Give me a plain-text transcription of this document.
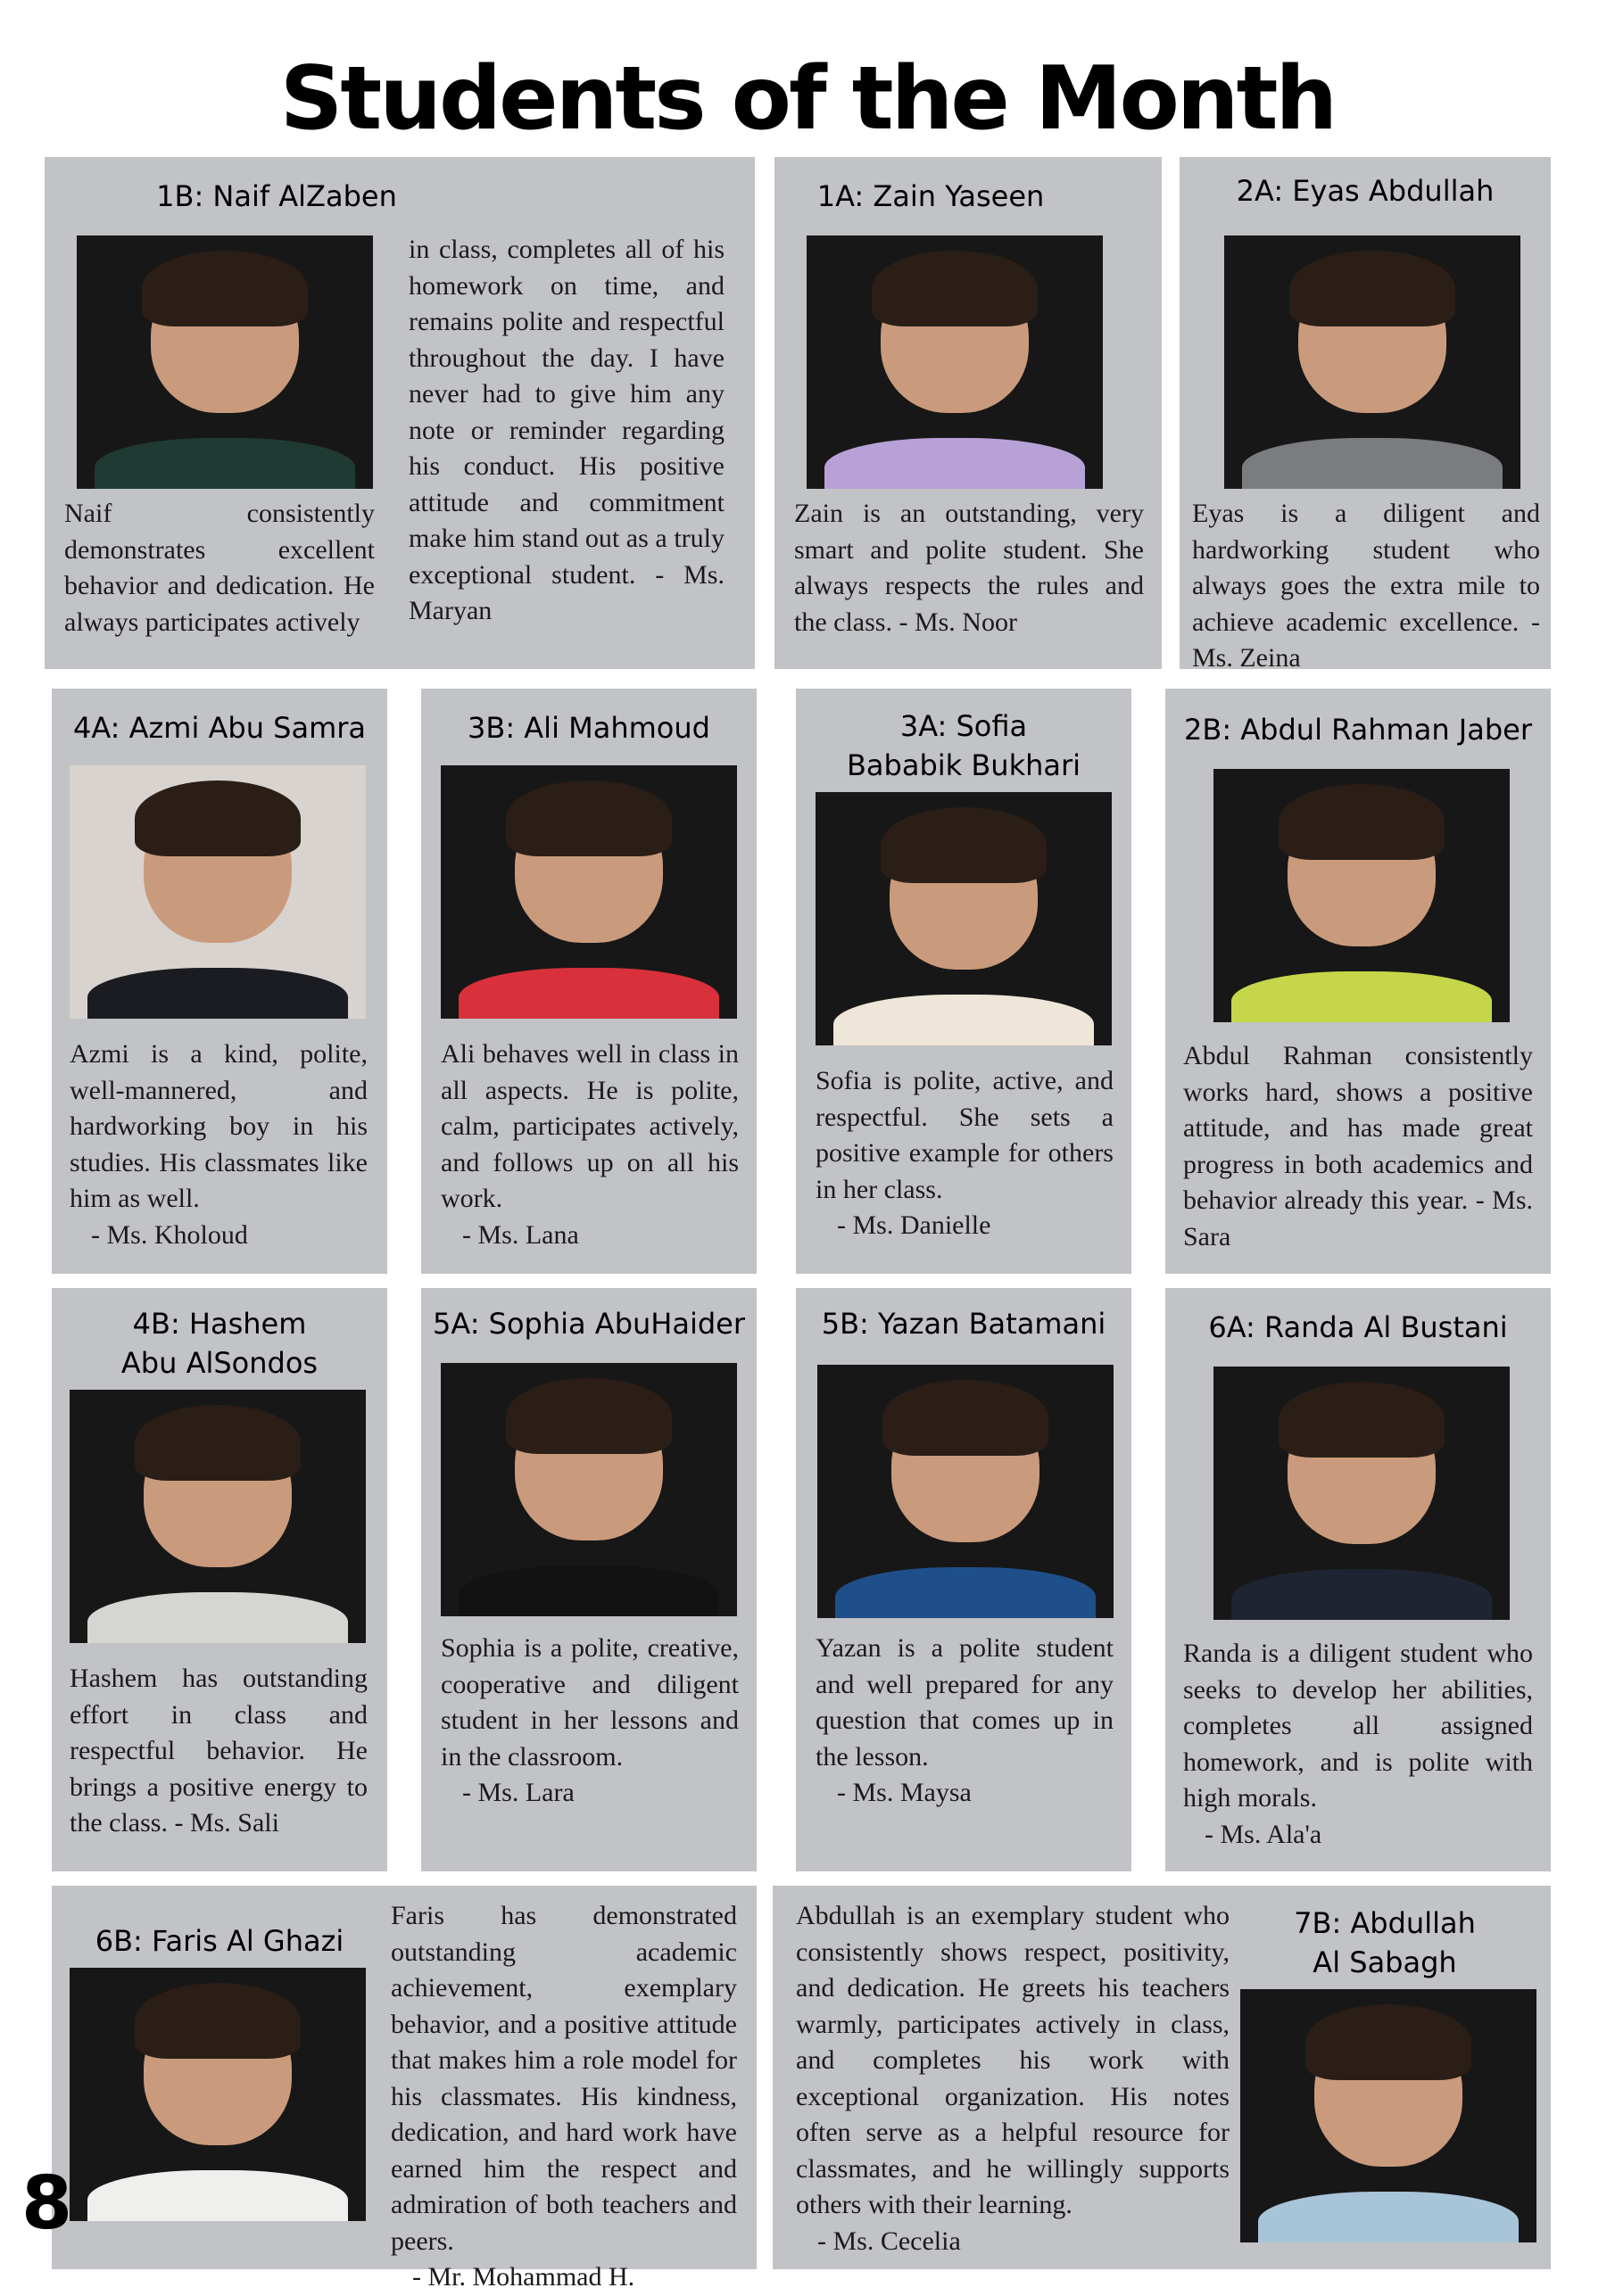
Students of the Month
1B: Naif AlZaben
Naif consistently demonstrates excellent behavior and dedication. He always participates actively
in class, completes all of his homework on time, and remains polite and respectful throughout the day. I have never had to give him any note or reminder regarding his conduct. His positive attitude and commitment make him stand out as a truly exceptional student. - Ms. Maryan
1A: Zain Yaseen
Zain is an outstanding, very smart and polite student. She always respects the rules and the class. - Ms. Noor
2A: Eyas Abdullah
Eyas is a diligent and hardworking student who always goes the extra mile to achieve academic excellence. - Ms. Zeina
4A: Azmi Abu Samra
Azmi is a kind, polite, well-mannered, and hardworking boy in his studies. His classmates like him as well.
- Ms. Kholoud
3B: Ali Mahmoud
Ali behaves well in class in all aspects. He is polite, calm, participates actively, and follows up on all his work.
- Ms. Lana
3A: Sofia
Bababik Bukhari
Sofia is polite, active, and respectful. She sets a positive example for others in her class.
- Ms. Danielle
2B: Abdul Rahman Jaber
Abdul Rahman consistently works hard, shows a positive attitude, and has made great progress in both academics and behavior already this year. - Ms. Sara
4B: Hashem
Abu AlSondos
Hashem has outstanding effort in class and respectful behavior. He brings a positive energy to the class. - Ms. Sali
5A: Sophia AbuHaider
Sophia is a polite, creative, cooperative and diligent student in her lessons and in the classroom.
- Ms. Lara
5B: Yazan Batamani
Yazan is a polite student and well prepared for any question that comes up in the lesson.
- Ms. Maysa
6A: Randa Al Bustani
Randa is a diligent student who seeks to develop her abilities, completes all assigned homework, and is polite with high morals.
- Ms. Ala'a
6B: Faris Al Ghazi
Faris has demonstrated outstanding academic achievement, exemplary behavior, and a positive attitude that makes him a role model for his classmates. His kindness, dedication, and hard work have earned him the respect and admiration of both teachers and peers.
- Mr. Mohammad H.
Abdullah is an exemplary student who consistently shows respect, positivity, and dedication. He greets his teachers warmly, participates actively in class, and completes his work with exceptional organization. His notes often serve as a helpful resource for classmates, and he willingly supports others with their learning.
- Ms. Cecelia
7B: Abdullah
Al Sabagh
8
